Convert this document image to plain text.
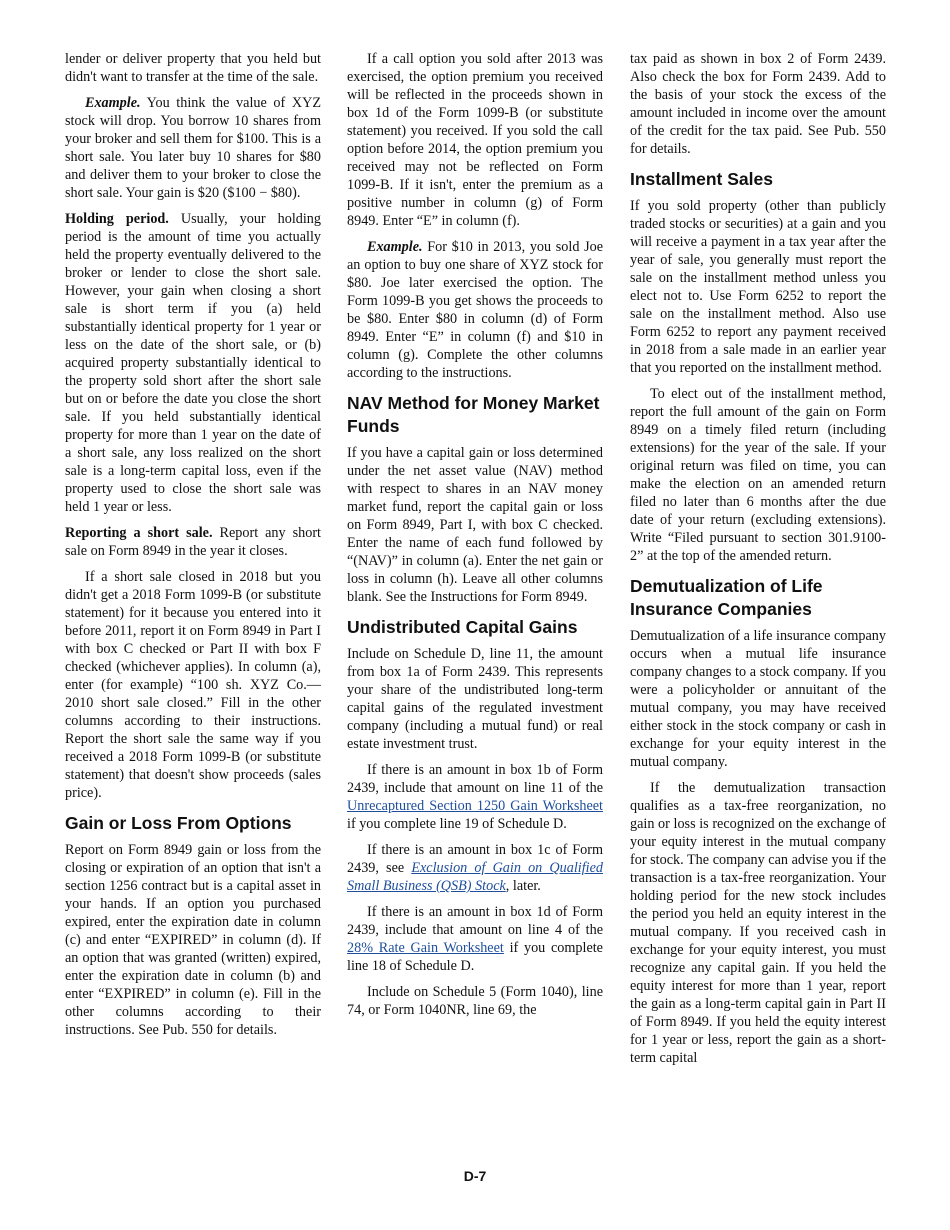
lender or deliver property that you held but didn't want to transfer at the time of the sale.

Example. You think the value of XYZ stock will drop. You borrow 10 shares from your broker and sell them for $100. This is a short sale. You later buy 10 shares for $80 and deliver them to your broker to close the short sale. Your gain is $20 ($100 − $80).

Holding period. Usually, your holding period is the amount of time you actually held the property eventually delivered to the broker or lender to close the short sale. However, your gain when closing a short sale is short term if you (a) held substantially identical property for 1 year or less on the date of the short sale, or (b) acquired property substantially identical to the property sold short after the short sale but on or before the date you close the short sale. If you held substantially identical property for more than 1 year on the date of a short sale, any loss realized on the short sale is a long-term capital loss, even if the property used to close the short sale was held 1 year or less.

Reporting a short sale. Report any short sale on Form 8949 in the year it closes.

If a short sale closed in 2018 but you didn't get a 2018 Form 1099-B (or substitute statement) for it because you entered into it before 2011, report it on Form 8949 in Part I with box C checked or Part II with box F checked (whichever applies). In column (a), enter (for example) “100 sh. XYZ Co.—2010 short sale closed.” Fill in the other columns according to their instructions. Report the short sale the same way if you received a 2018 Form 1099-B (or substitute statement) that doesn't show proceeds (sales price).

Gain or Loss From Options

Report on Form 8949 gain or loss from the closing or expiration of an option that isn't a section 1256 contract but is a capital asset in your hands. If an option you purchased expired, enter the expiration date in column (c) and enter “EXPIRED” in column (d). If an option that was granted (written) expired, enter the expiration date in column (b) and enter “EXPIRED” in column (e). Fill in the other columns according to their instructions. See Pub. 550 for details.

If a call option you sold after 2013 was exercised, the option premium you received will be reflected in the proceeds shown in box 1d of the Form 1099-B (or substitute statement) you received. If you sold the call option before 2014, the option premium you received may not be reflected on Form 1099-B. If it isn't, enter the premium as a positive number in column (g) of Form 8949. Enter “E” in column (f).

Example. For $10 in 2013, you sold Joe an option to buy one share of XYZ stock for $80. Joe later exercised the option. The Form 1099-B you get shows the proceeds to be $80. Enter $80 in column (d) of Form 8949. Enter “E” in column (f) and $10 in column (g). Complete the other columns according to the instructions.

NAV Method for Money Market Funds

If you have a capital gain or loss determined under the net asset value (NAV) method with respect to shares in an NAV money market fund, report the capital gain or loss on Form 8949, Part I, with box C checked. Enter the name of each fund followed by “(NAV)” in column (a). Enter the net gain or loss in column (h). Leave all other columns blank. See the Instructions for Form 8949.

Undistributed Capital Gains

Include on Schedule D, line 11, the amount from box 1a of Form 2439. This represents your share of the undistributed long-term capital gains of the regulated investment company (including a mutual fund) or real estate investment trust.

If there is an amount in box 1b of Form 2439, include that amount on line 11 of the Unrecaptured Section 1250 Gain Worksheet if you complete line 19 of Schedule D.

If there is an amount in box 1c of Form 2439, see Exclusion of Gain on Qualified Small Business (QSB) Stock, later.

If there is an amount in box 1d of Form 2439, include that amount on line 4 of the 28% Rate Gain Worksheet if you complete line 18 of Schedule D.

Include on Schedule 5 (Form 1040), line 74, or Form 1040NR, line 69, the

tax paid as shown in box 2 of Form 2439. Also check the box for Form 2439. Add to the basis of your stock the excess of the amount included in income over the amount of the credit for the tax paid. See Pub. 550 for details.

Installment Sales

If you sold property (other than publicly traded stocks or securities) at a gain and you will receive a payment in a tax year after the year of sale, you generally must report the sale on the installment method unless you elect not to. Use Form 6252 to report the sale on the installment method. Also use Form 6252 to report any payment received in 2018 from a sale made in an earlier year that you reported on the installment method.

To elect out of the installment method, report the full amount of the gain on Form 8949 on a timely filed return (including extensions) for the year of the sale. If your original return was filed on time, you can make the election on an amended return filed no later than 6 months after the due date of your return (excluding extensions). Write “Filed pursuant to section 301.9100-2” at the top of the amended return.

Demutualization of Life Insurance Companies

Demutualization of a life insurance company occurs when a mutual life insurance company changes to a stock company. If you were a policyholder or annuitant of the mutual company, you may have received either stock in the stock company or cash in exchange for your equity interest in the mutual company.

If the demutualization transaction qualifies as a tax-free reorganization, no gain or loss is recognized on the exchange of your equity interest in the mutual company for stock. The company can advise you if the transaction is a tax-free reorganization. Your holding period for the new stock includes the period you held an equity interest in the mutual company. If you received cash in exchange for your equity interest, you must recognize any capital gain. If you held the equity interest for more than 1 year, report the gain as a long-term capital gain in Part II of Form 8949. If you held the equity interest for 1 year or less, report the gain as a short-term capital

D-7
